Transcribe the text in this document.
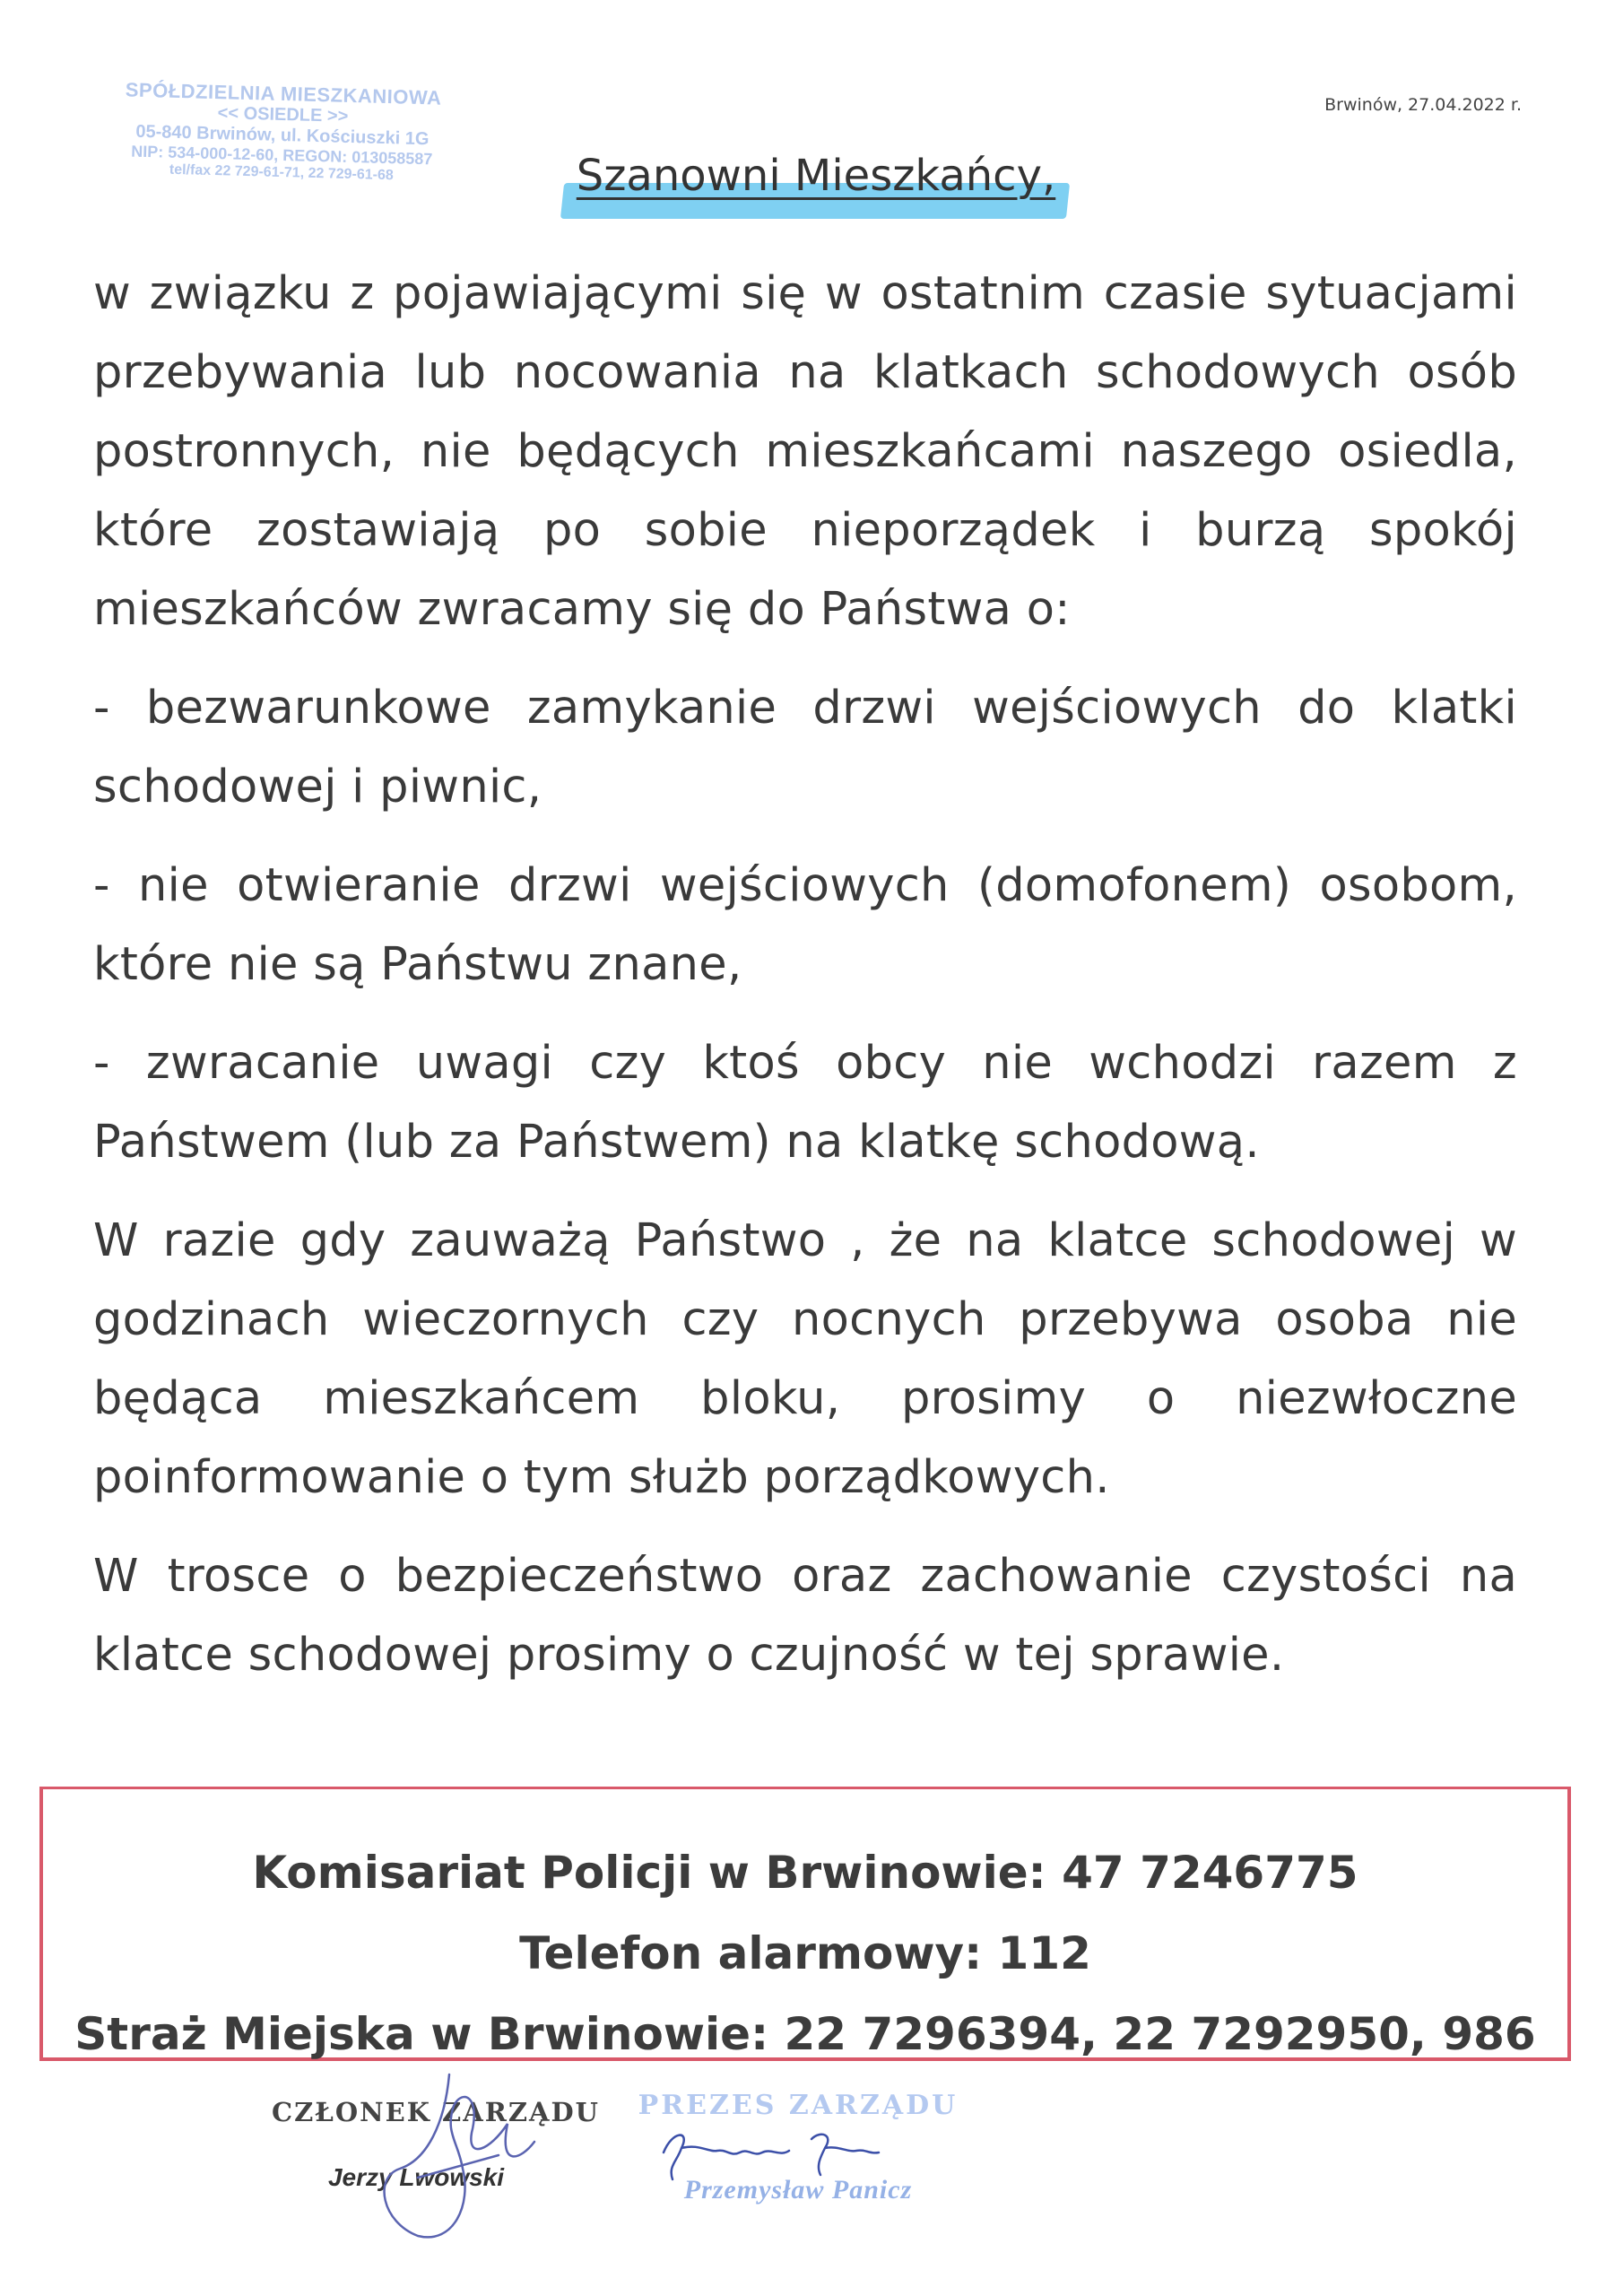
SPÓŁDZIELNIA MIESZKANIOWA
<< OSIEDLE >>
05-840 Brwinów, ul. Kościuszki 1G
NIP: 534-000-12-60, REGON: 013058587
tel/fax 22 729-61-71, 22 729-61-68
Brwinów, 27.04.2022 r.
Szanowni Mieszkańcy,

w związku z pojawiającymi się w ostatnim czasie sytuacjami przebywania lub nocowania na klatkach schodowych osób postronnych, nie będących mieszkańcami naszego osiedla, które zostawiają po sobie nieporządek i burzą spokój mieszkańców zwracamy się do Państwa o:

- bezwarunkowe zamykanie drzwi wejściowych do klatki schodowej i piwnic,

- nie otwieranie drzwi wejściowych (domofonem) osobom, które nie są Państwu znane,

- zwracanie uwagi czy ktoś obcy nie wchodzi razem z Państwem (lub za Państwem) na klatkę schodową.

W razie gdy zauważą Państwo , że na klatce schodowej w godzinach wieczornych czy nocnych przebywa osoba nie będąca mieszkańcem bloku, prosimy o niezwłoczne poinformowanie o tym służb porządkowych.

W trosce o bezpieczeństwo oraz zachowanie czystości na klatce schodowej prosimy o czujność w tej sprawie.

Komisariat Policji w Brwinowie: 47 7246775
Telefon alarmowy: 112
Straż Miejska w Brwinowie: 22 7296394, 22 7292950, 986
CZŁONEK ZARZĄDU
Jerzy Lwowski
PREZES ZARZĄDU
Przemysław Panicz
